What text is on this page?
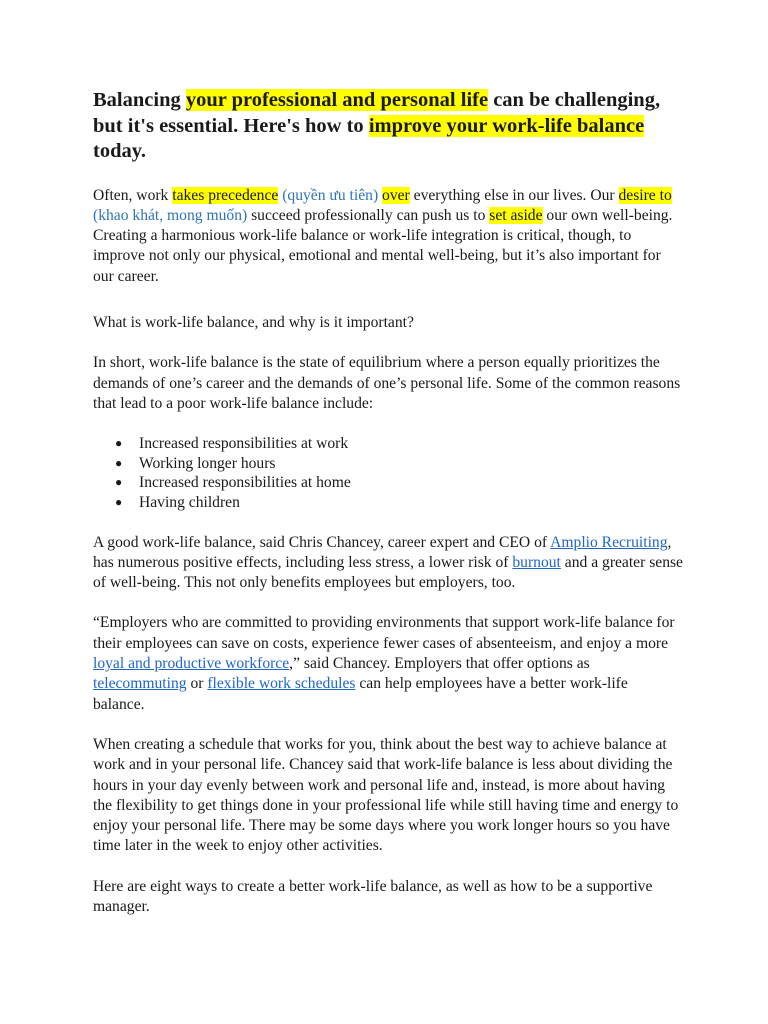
Balancing your professional and personal life can be challenging, but it's essential. Here's how to improve your work-life balance today.

Often, work takes precedence (quyền ưu tiên) over everything else in our lives. Our desire to (khao khát, mong muốn) succeed professionally can push us to set aside our own well-being. Creating a harmonious work-life balance or work-life integration is critical, though, to improve not only our physical, emotional and mental well-being, but it’s also important for our career.

What is work-life balance, and why is it important?

In short, work-life balance is the state of equilibrium where a person equally prioritizes the demands of one’s career and the demands of one’s personal life. Some of the common reasons that lead to a poor work-life balance include:

● Increased responsibilities at work
● Working longer hours
● Increased responsibilities at home
● Having children

A good work-life balance, said Chris Chancey, career expert and CEO of Amplio Recruiting, has numerous positive effects, including less stress, a lower risk of burnout and a greater sense of well-being. This not only benefits employees but employers, too.

“Employers who are committed to providing environments that support work-life balance for their employees can save on costs, experience fewer cases of absenteeism, and enjoy a more loyal and productive workforce,” said Chancey. Employers that offer options as telecommuting or flexible work schedules can help employees have a better work-life balance.

When creating a schedule that works for you, think about the best way to achieve balance at work and in your personal life. Chancey said that work-life balance is less about dividing the hours in your day evenly between work and personal life and, instead, is more about having the flexibility to get things done in your professional life while still having time and energy to enjoy your personal life. There may be some days where you work longer hours so you have time later in the week to enjoy other activities.

Here are eight ways to create a better work-life balance, as well as how to be a supportive manager.
